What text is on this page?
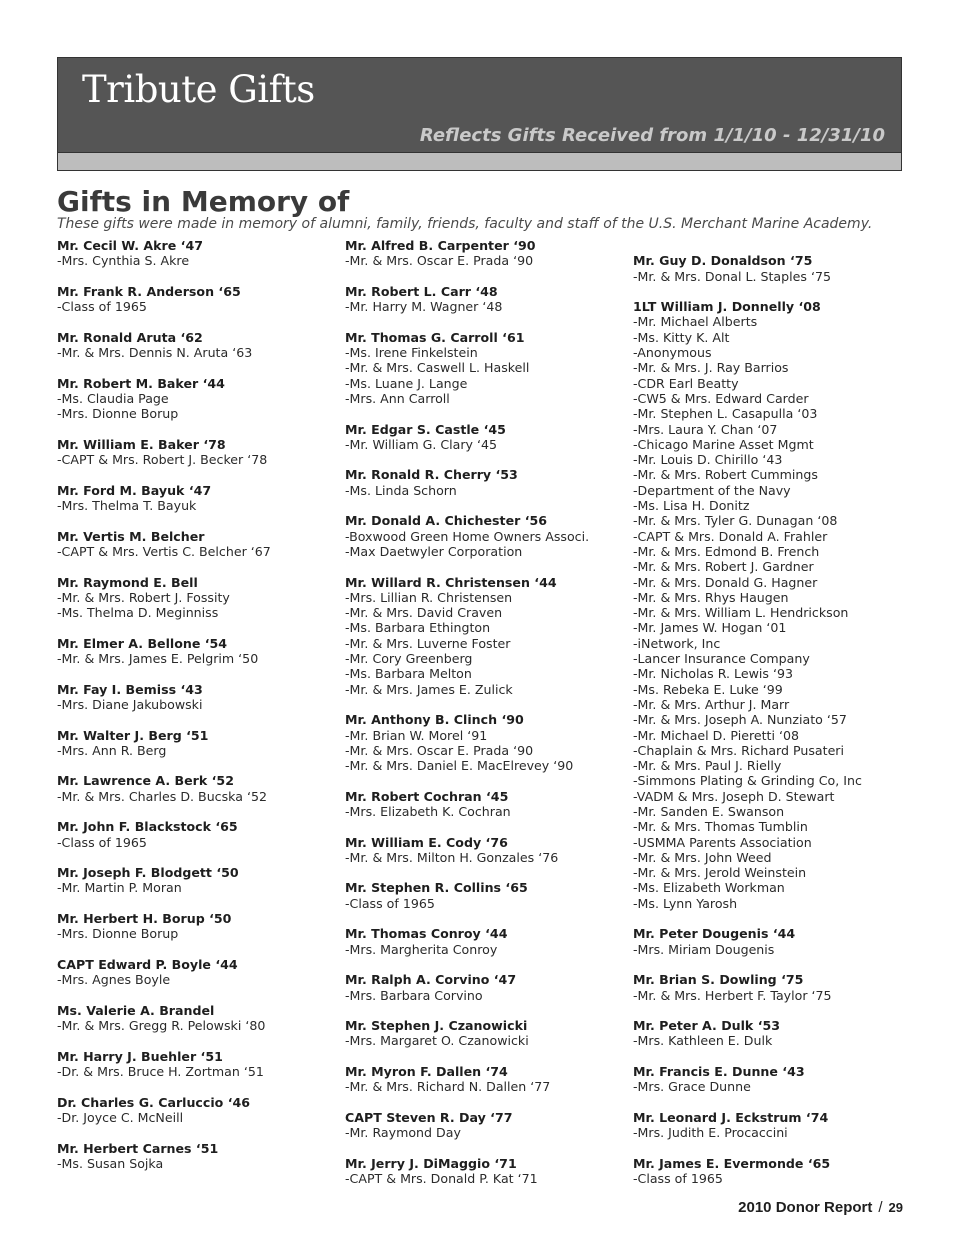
Tribute Gifts
Reflects Gifts Received from 1/1/10 - 12/31/10
Gifts in Memory of
These gifts were made in memory of alumni, family, friends, faculty and staff of the U.S. Merchant Marine Academy.
Mr. Cecil W. Akre ‘47
-Mrs. Cynthia S. Akre
Mr. Frank R. Anderson ‘65
-Class of 1965
Mr. Ronald Aruta ‘62
-Mr. & Mrs. Dennis N. Aruta ‘63
Mr. Robert M. Baker ‘44
-Ms. Claudia Page
-Mrs. Dionne Borup
Mr. William E. Baker ‘78
-CAPT & Mrs. Robert J. Becker ‘78
Mr. Ford M. Bayuk ‘47
-Mrs. Thelma T. Bayuk
Mr. Vertis M. Belcher
-CAPT & Mrs. Vertis C. Belcher ‘67
Mr. Raymond E. Bell
-Mr. & Mrs. Robert J. Fossity
-Ms. Thelma D. Meginniss
Mr. Elmer A. Bellone ‘54
-Mr. & Mrs. James E. Pelgrim ‘50
Mr. Fay I. Bemiss ‘43
-Mrs. Diane Jakubowski
Mr. Walter J. Berg ‘51
-Mrs. Ann R. Berg
Mr. Lawrence A. Berk ‘52
-Mr. & Mrs. Charles D. Bucska ‘52
Mr. John F. Blackstock ‘65
-Class of 1965
Mr. Joseph F. Blodgett ‘50
-Mr. Martin P. Moran
Mr. Herbert H. Borup ‘50
-Mrs. Dionne Borup
CAPT Edward P. Boyle ‘44
-Mrs. Agnes Boyle
Ms. Valerie A. Brandel
-Mr. & Mrs. Gregg R. Pelowski ‘80
Mr. Harry J. Buehler ‘51
-Dr. & Mrs. Bruce H. Zortman ‘51
Dr. Charles G. Carluccio ‘46
-Dr. Joyce C. McNeill
Mr. Herbert Carnes ‘51
-Ms. Susan Sojka
Mr. Alfred B. Carpenter ‘90
-Mr. & Mrs. Oscar E. Prada ‘90
Mr. Robert L. Carr ‘48
-Mr. Harry M. Wagner ‘48
Mr. Thomas G. Carroll ‘61
-Ms. Irene Finkelstein
-Mr. & Mrs. Caswell L. Haskell
-Ms. Luane J. Lange
-Mrs. Ann Carroll
Mr. Edgar S. Castle ‘45
-Mr. William G. Clary ‘45
Mr. Ronald R. Cherry ‘53
-Ms. Linda Schorn
Mr. Donald A. Chichester ‘56
-Boxwood Green Home Owners Associ.
-Max Daetwyler Corporation
Mr. Willard R. Christensen ‘44
-Mrs. Lillian R. Christensen
-Mr. & Mrs. David Craven
-Ms. Barbara Ethington
-Mr. & Mrs. Luverne Foster
-Mr. Cory Greenberg
-Ms. Barbara Melton
-Mr. & Mrs. James E. Zulick
Mr. Anthony B. Clinch ‘90
-Mr. Brian W. Morel ‘91
-Mr. & Mrs. Oscar E. Prada ‘90
-Mr. & Mrs. Daniel E. MacElrevey ‘90
Mr. Robert Cochran ‘45
-Mrs. Elizabeth K. Cochran
Mr. William E. Cody ‘76
-Mr. & Mrs. Milton H. Gonzales ‘76
Mr. Stephen R. Collins ‘65
-Class of 1965
Mr. Thomas Conroy ‘44
-Mrs. Margherita Conroy
Mr. Ralph A. Corvino ‘47
-Mrs. Barbara Corvino
Mr. Stephen J. Czanowicki
-Mrs. Margaret O. Czanowicki
Mr. Myron F. Dallen ‘74
-Mr. & Mrs. Richard N. Dallen ‘77
CAPT Steven R. Day ‘77
-Mr. Raymond Day
Mr. Jerry J. DiMaggio ‘71
-CAPT & Mrs. Donald P. Kat ‘71
Mr. Guy D. Donaldson ‘75
-Mr. & Mrs. Donal L. Staples ‘75
1LT William J. Donnelly ‘08
-Mr. Michael Alberts
-Ms. Kitty K. Alt
-Anonymous
-Mr. & Mrs. J. Ray Barrios
-CDR Earl Beatty
-CW5 & Mrs. Edward Carder
-Mr. Stephen L. Casapulla ‘03
-Mrs. Laura Y. Chan ‘07
-Chicago Marine Asset Mgmt
-Mr. Louis D. Chirillo ‘43
-Mr. & Mrs. Robert Cummings
-Department of the Navy
-Ms. Lisa H. Donitz
-Mr. & Mrs. Tyler G. Dunagan ‘08
-CAPT & Mrs. Donald A. Frahler
-Mr. & Mrs. Edmond B. French
-Mr. & Mrs. Robert J. Gardner
-Mr. & Mrs. Donald G. Hagner
-Mr. & Mrs. Rhys Haugen
-Mr. & Mrs. William L. Hendrickson
-Mr. James W. Hogan ‘01
-iNetwork, Inc
-Lancer Insurance Company
-Mr. Nicholas R. Lewis ‘93
-Ms. Rebeka E. Luke ‘99
-Mr. & Mrs. Arthur J. Marr
-Mr. & Mrs. Joseph A. Nunziato ‘57
-Mr. Michael D. Pieretti ‘08
-Chaplain & Mrs. Richard Pusateri
-Mr. & Mrs. Paul J. Rielly
-Simmons Plating & Grinding Co, Inc
-VADM & Mrs. Joseph D. Stewart
-Mr. Sanden E. Swanson
-Mr. & Mrs. Thomas Tumblin
-USMMA Parents Association
-Mr. & Mrs. John Weed
-Mr. & Mrs. Jerold Weinstein
-Ms. Elizabeth Workman
-Ms. Lynn Yarosh
Mr. Peter Dougenis ‘44
-Mrs. Miriam Dougenis
Mr. Brian S. Dowling ‘75
-Mr. & Mrs. Herbert F. Taylor ‘75
Mr. Peter A. Dulk ‘53
-Mrs. Kathleen E. Dulk
Mr. Francis E. Dunne ‘43
-Mrs. Grace Dunne
Mr. Leonard J. Eckstrum ‘74
-Mrs. Judith E. Procaccini
Mr. James E. Evermonde ‘65
-Class of 1965
2010 Donor Report / 29
